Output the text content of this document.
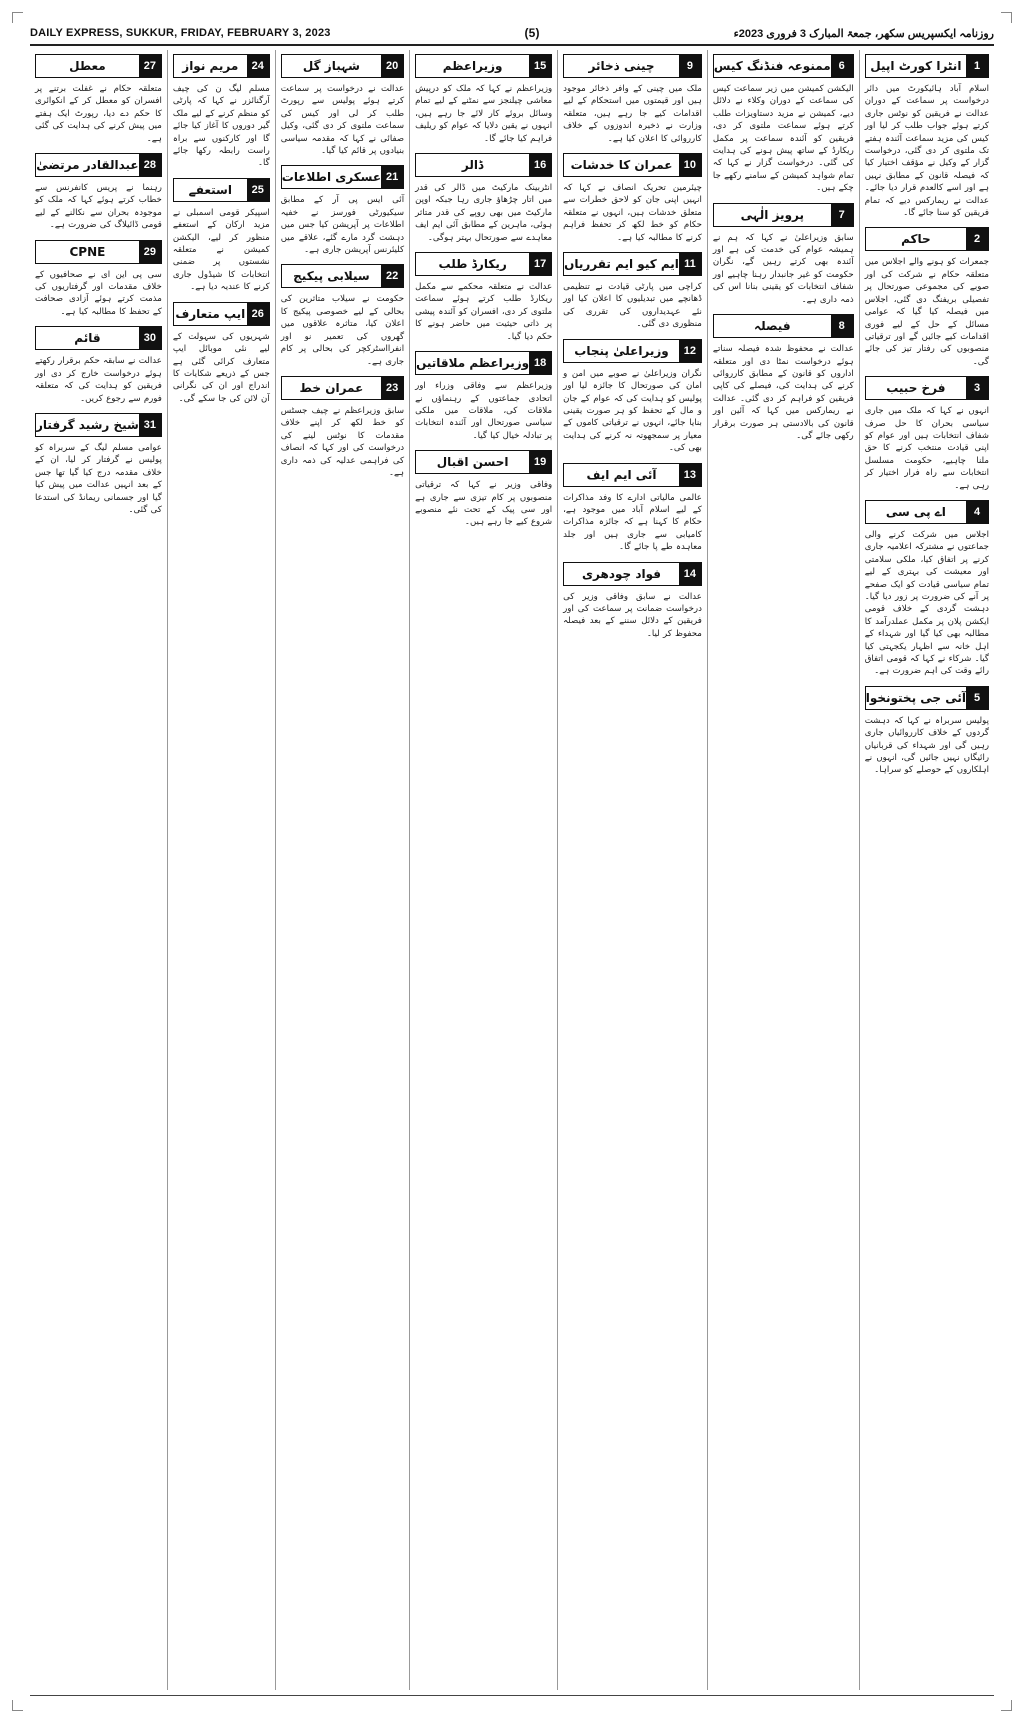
DAILY EXPRESS, SUKKUR, FRIDAY, FEBRUARY 3, 2023	(5)	روزنامہ ایکسپریس سکھر، جمعۃ المبارک 3 فروری 2023ء
1
انٹرا کورٹ اپیل
اسلام آباد ہائیکورٹ میں دائر درخواست پر سماعت کے دوران عدالت نے فریقین کو نوٹس جاری کرتے ہوئے جواب طلب کر لیا اور کیس کی مزید سماعت آئندہ ہفتے تک ملتوی کر دی گئی، درخواست گزار کے وکیل نے مؤقف اختیار کیا کہ فیصلہ قانون کے مطابق نہیں ہے اور اسے کالعدم قرار دیا جائے۔ عدالت نے ریمارکس دیے کہ تمام فریقین کو سنا جائے گا۔
2
حاکم
جمعرات کو ہونے والے اجلاس میں متعلقہ حکام نے شرکت کی اور صوبے کی مجموعی صورتحال پر تفصیلی بریفنگ دی گئی، اجلاس میں فیصلہ کیا گیا کہ عوامی مسائل کے حل کے لیے فوری اقدامات کیے جائیں گے اور ترقیاتی منصوبوں کی رفتار تیز کی جائے گی۔
3
فرخ حبیب
انہوں نے کہا کہ ملک میں جاری سیاسی بحران کا حل صرف شفاف انتخابات ہیں اور عوام کو اپنی قیادت منتخب کرنے کا حق ملنا چاہیے، حکومت مسلسل انتخابات سے راہ فرار اختیار کر رہی ہے۔
4
اے پی سی
اجلاس میں شرکت کرنے والی جماعتوں نے مشترکہ اعلامیہ جاری کرنے پر اتفاق کیا، ملکی سلامتی اور معیشت کی بہتری کے لیے تمام سیاسی قیادت کو ایک صفحے پر آنے کی ضرورت پر زور دیا گیا۔ دہشت گردی کے خلاف قومی ایکشن پلان پر مکمل عملدرآمد کا مطالبہ بھی کیا گیا اور شہداء کے اہل خانہ سے اظہار یکجہتی کیا گیا۔ شرکاء نے کہا کہ قومی اتفاق رائے وقت کی اہم ضرورت ہے۔
5
آئی جی پختونخوا
پولیس سربراہ نے کہا کہ دہشت گردوں کے خلاف کارروائیاں جاری رہیں گی اور شہداء کی قربانیاں رائیگاں نہیں جائیں گی، انہوں نے اہلکاروں کے حوصلے کو سراہا۔
6
ممنوعہ فنڈنگ کیس
الیکشن کمیشن میں زیر سماعت کیس کی سماعت کے دوران وکلاء نے دلائل دیے، کمیشن نے مزید دستاویزات طلب کرتے ہوئے سماعت ملتوی کر دی، فریقین کو آئندہ سماعت پر مکمل ریکارڈ کے ساتھ پیش ہونے کی ہدایت کی گئی۔ درخواست گزار نے کہا کہ تمام شواہد کمیشن کے سامنے رکھے جا چکے ہیں۔
7
پرویز الٰہی
سابق وزیراعلیٰ نے کہا کہ ہم نے ہمیشہ عوام کی خدمت کی ہے اور آئندہ بھی کرتے رہیں گے، نگران حکومت کو غیر جانبدار رہنا چاہیے اور شفاف انتخابات کو یقینی بنانا اس کی ذمہ داری ہے۔
8
فیصلہ
عدالت نے محفوظ شدہ فیصلہ سناتے ہوئے درخواست نمٹا دی اور متعلقہ اداروں کو قانون کے مطابق کارروائی کرنے کی ہدایت کی، فیصلے کی کاپی فریقین کو فراہم کر دی گئی۔ عدالت نے ریمارکس میں کہا کہ آئین اور قانون کی بالادستی ہر صورت برقرار رکھی جائے گی۔
9
چینی ذخائر
ملک میں چینی کے وافر ذخائر موجود ہیں اور قیمتوں میں استحکام کے لیے اقدامات کیے جا رہے ہیں، متعلقہ وزارت نے ذخیرہ اندوزوں کے خلاف کارروائی کا اعلان کیا ہے۔
10
عمران کا خدشات
چیئرمین تحریک انصاف نے کہا کہ انہیں اپنی جان کو لاحق خطرات سے متعلق خدشات ہیں، انہوں نے متعلقہ حکام کو خط لکھ کر تحفظ فراہم کرنے کا مطالبہ کیا ہے۔
11
ایم کیو ایم تقرریاں
کراچی میں پارٹی قیادت نے تنظیمی ڈھانچے میں تبدیلیوں کا اعلان کیا اور نئے عہدیداروں کی تقرری کی منظوری دی گئی۔
12
وزیراعلیٰ پنجاب
نگران وزیراعلیٰ نے صوبے میں امن و امان کی صورتحال کا جائزہ لیا اور پولیس کو ہدایت کی کہ عوام کے جان و مال کے تحفظ کو ہر صورت یقینی بنایا جائے، انہوں نے ترقیاتی کاموں کے معیار پر سمجھوتہ نہ کرنے کی ہدایت بھی کی۔
13
آئی ایم ایف
عالمی مالیاتی ادارے کا وفد مذاکرات کے لیے اسلام آباد میں موجود ہے، حکام کا کہنا ہے کہ جائزہ مذاکرات کامیابی سے جاری ہیں اور جلد معاہدہ طے پا جائے گا۔
14
فواد چودھری
عدالت نے سابق وفاقی وزیر کی درخواست ضمانت پر سماعت کی اور فریقین کے دلائل سننے کے بعد فیصلہ محفوظ کر لیا۔
15
وزیراعظم
وزیراعظم نے کہا کہ ملک کو درپیش معاشی چیلنجز سے نمٹنے کے لیے تمام وسائل بروئے کار لائے جا رہے ہیں، انہوں نے یقین دلایا کہ عوام کو ریلیف فراہم کیا جائے گا۔
16
ڈالر
انٹربینک مارکیٹ میں ڈالر کی قدر میں اتار چڑھاؤ جاری رہا جبکہ اوپن مارکیٹ میں بھی روپے کی قدر متاثر ہوئی، ماہرین کے مطابق آئی ایم ایف معاہدے سے صورتحال بہتر ہوگی۔
17
ریکارڈ طلب
عدالت نے متعلقہ محکمے سے مکمل ریکارڈ طلب کرتے ہوئے سماعت ملتوی کر دی، افسران کو آئندہ پیشی پر ذاتی حیثیت میں حاضر ہونے کا حکم دیا گیا۔
18
وزیراعظم ملاقاتیں
وزیراعظم سے وفاقی وزراء اور اتحادی جماعتوں کے رہنماؤں نے ملاقات کی، ملاقات میں ملکی سیاسی صورتحال اور آئندہ انتخابات پر تبادلہ خیال کیا گیا۔
19
احسن اقبال
وفاقی وزیر نے کہا کہ ترقیاتی منصوبوں پر کام تیزی سے جاری ہے اور سی پیک کے تحت نئے منصوبے شروع کیے جا رہے ہیں۔
20
شہباز گل
عدالت نے درخواست پر سماعت کرتے ہوئے پولیس سے رپورٹ طلب کر لی اور کیس کی سماعت ملتوی کر دی گئی، وکیل صفائی نے کہا کہ مقدمہ سیاسی بنیادوں پر قائم کیا گیا۔
21
عسکری اطلاعات
آئی ایس پی آر کے مطابق سیکیورٹی فورسز نے خفیہ اطلاعات پر آپریشن کیا جس میں دہشت گرد مارے گئے، علاقے میں کلیئرنس آپریشن جاری ہے۔
22
سیلابی پیکیج
حکومت نے سیلاب متاثرین کی بحالی کے لیے خصوصی پیکیج کا اعلان کیا، متاثرہ علاقوں میں گھروں کی تعمیر نو اور انفرااسٹرکچر کی بحالی پر کام جاری ہے۔
23
عمران خط
سابق وزیراعظم نے چیف جسٹس کو خط لکھ کر اپنے خلاف مقدمات کا نوٹس لینے کی درخواست کی اور کہا کہ انصاف کی فراہمی عدلیہ کی ذمہ داری ہے۔
24
مریم نواز
مسلم لیگ ن کی چیف آرگنائزر نے کہا کہ پارٹی کو منظم کرنے کے لیے ملک گیر دوروں کا آغاز کیا جائے گا اور کارکنوں سے براہ راست رابطہ رکھا جائے گا۔
25
استعفے
اسپیکر قومی اسمبلی نے مزید ارکان کے استعفے منظور کر لیے، الیکشن کمیشن نے متعلقہ نشستوں پر ضمنی انتخابات کا شیڈول جاری کرنے کا عندیہ دیا ہے۔
26
ایپ متعارف
شہریوں کی سہولت کے لیے نئی موبائل ایپ متعارف کرائی گئی ہے جس کے ذریعے شکایات کا اندراج اور ان کی نگرانی آن لائن کی جا سکے گی۔
27
معطل
متعلقہ حکام نے غفلت برتنے پر افسران کو معطل کر کے انکوائری کا حکم دے دیا، رپورٹ ایک ہفتے میں پیش کرنے کی ہدایت کی گئی ہے۔
28
عبدالقادر مرتضیٰ
رہنما نے پریس کانفرنس سے خطاب کرتے ہوئے کہا کہ ملک کو موجودہ بحران سے نکالنے کے لیے قومی ڈائیلاگ کی ضرورت ہے۔
29
CPNE
سی پی این ای نے صحافیوں کے خلاف مقدمات اور گرفتاریوں کی مذمت کرتے ہوئے آزادی صحافت کے تحفظ کا مطالبہ کیا ہے۔
30
قائم
عدالت نے سابقہ حکم برقرار رکھتے ہوئے درخواست خارج کر دی اور فریقین کو ہدایت کی کہ متعلقہ فورم سے رجوع کریں۔
31
شیخ رشید گرفتار
عوامی مسلم لیگ کے سربراہ کو پولیس نے گرفتار کر لیا، ان کے خلاف مقدمہ درج کیا گیا تھا جس کے بعد انہیں عدالت میں پیش کیا گیا اور جسمانی ریمانڈ کی استدعا کی گئی۔
